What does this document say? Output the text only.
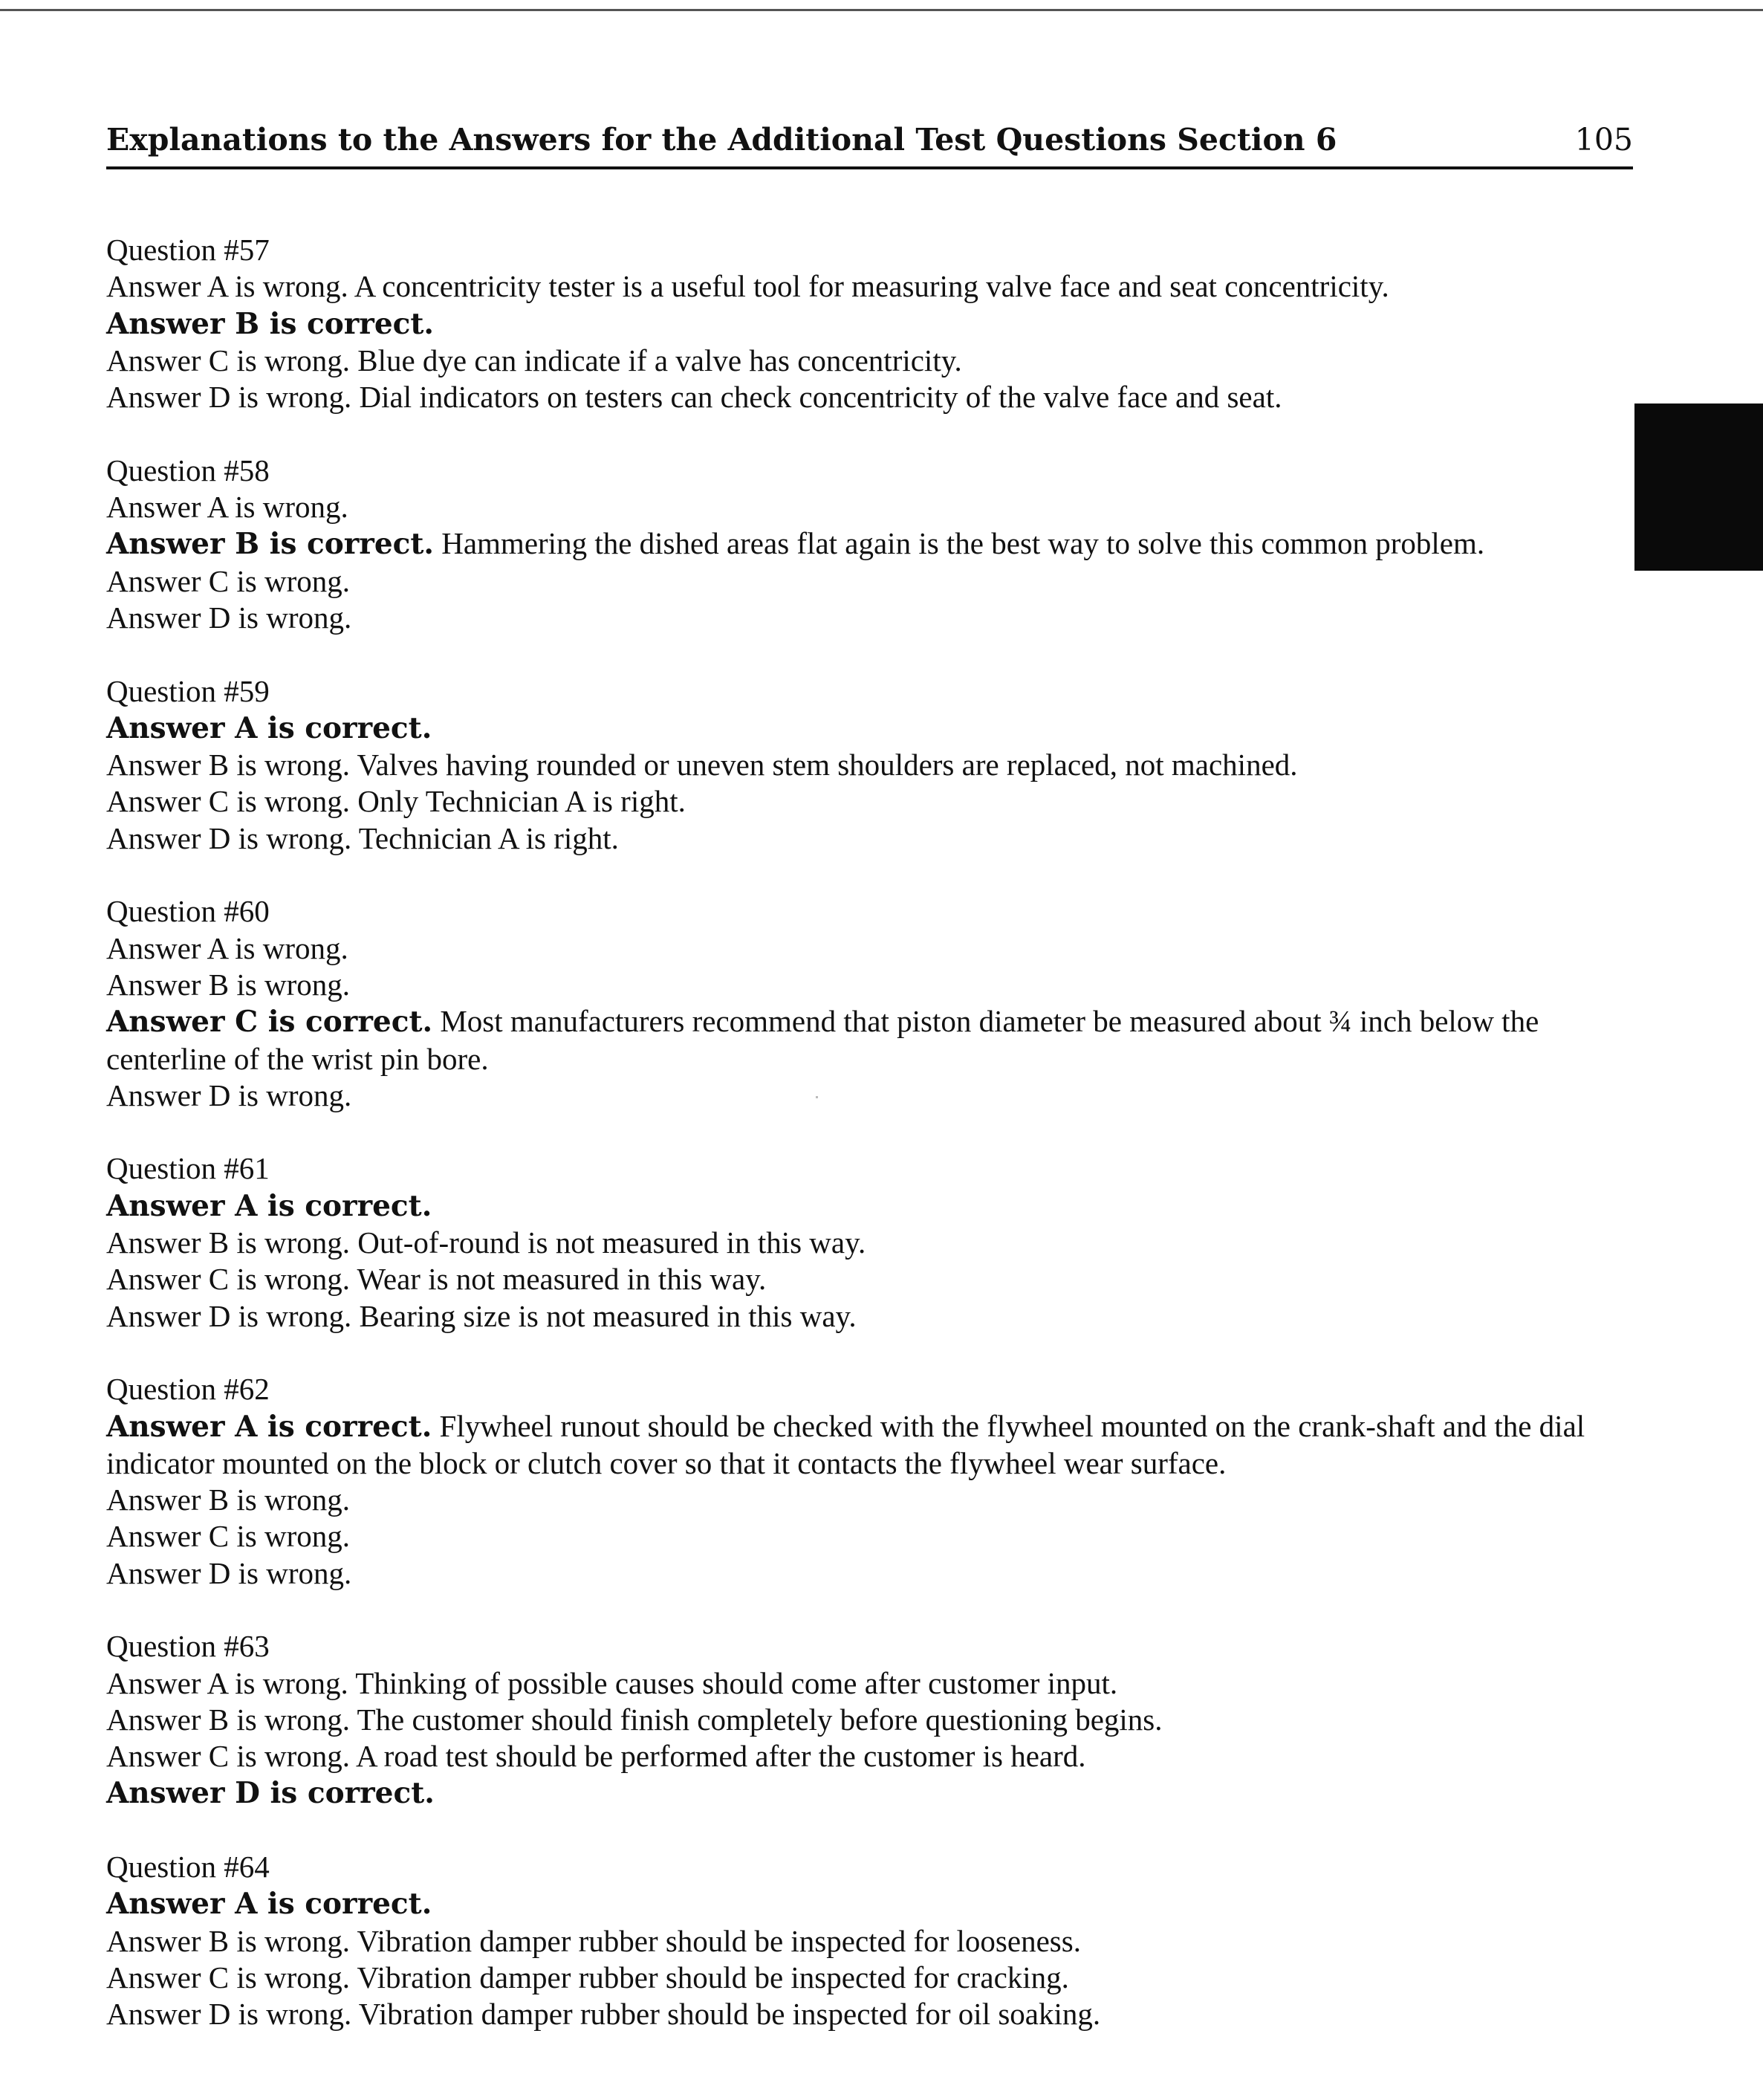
Explanations to the Answers for the Additional Test Questions Section 6	105
Question #57
Answer A is wrong. A concentricity tester is a useful tool for measuring valve face and seat concentricity.
Answer B is correct.
Answer C is wrong. Blue dye can indicate if a valve has concentricity.
Answer D is wrong. Dial indicators on testers can check concentricity of the valve face and seat.
Question #58
Answer A is wrong.
Answer B is correct. Hammering the dished areas flat again is the best way to solve this common problem.
Answer C is wrong.
Answer D is wrong.
Question #59
Answer A is correct.
Answer B is wrong. Valves having rounded or uneven stem shoulders are replaced, not machined.
Answer C is wrong. Only Technician A is right.
Answer D is wrong. Technician A is right.
Question #60
Answer A is wrong.
Answer B is wrong.
Answer C is correct. Most manufacturers recommend that piston diameter be measured about ¾ inch below the centerline of the wrist pin bore.
Answer D is wrong.
Question #61
Answer A is correct.
Answer B is wrong. Out-of-round is not measured in this way.
Answer C is wrong. Wear is not measured in this way.
Answer D is wrong. Bearing size is not measured in this way.
Question #62
Answer A is correct. Flywheel runout should be checked with the flywheel mounted on the crank-shaft and the dial indicator mounted on the block or clutch cover so that it contacts the flywheel wear surface.
Answer B is wrong.
Answer C is wrong.
Answer D is wrong.
Question #63
Answer A is wrong. Thinking of possible causes should come after customer input.
Answer B is wrong. The customer should finish completely before questioning begins.
Answer C is wrong. A road test should be performed after the customer is heard.
Answer D is correct.
Question #64
Answer A is correct.
Answer B is wrong. Vibration damper rubber should be inspected for looseness.
Answer C is wrong. Vibration damper rubber should be inspected for cracking.
Answer D is wrong. Vibration damper rubber should be inspected for oil soaking.
